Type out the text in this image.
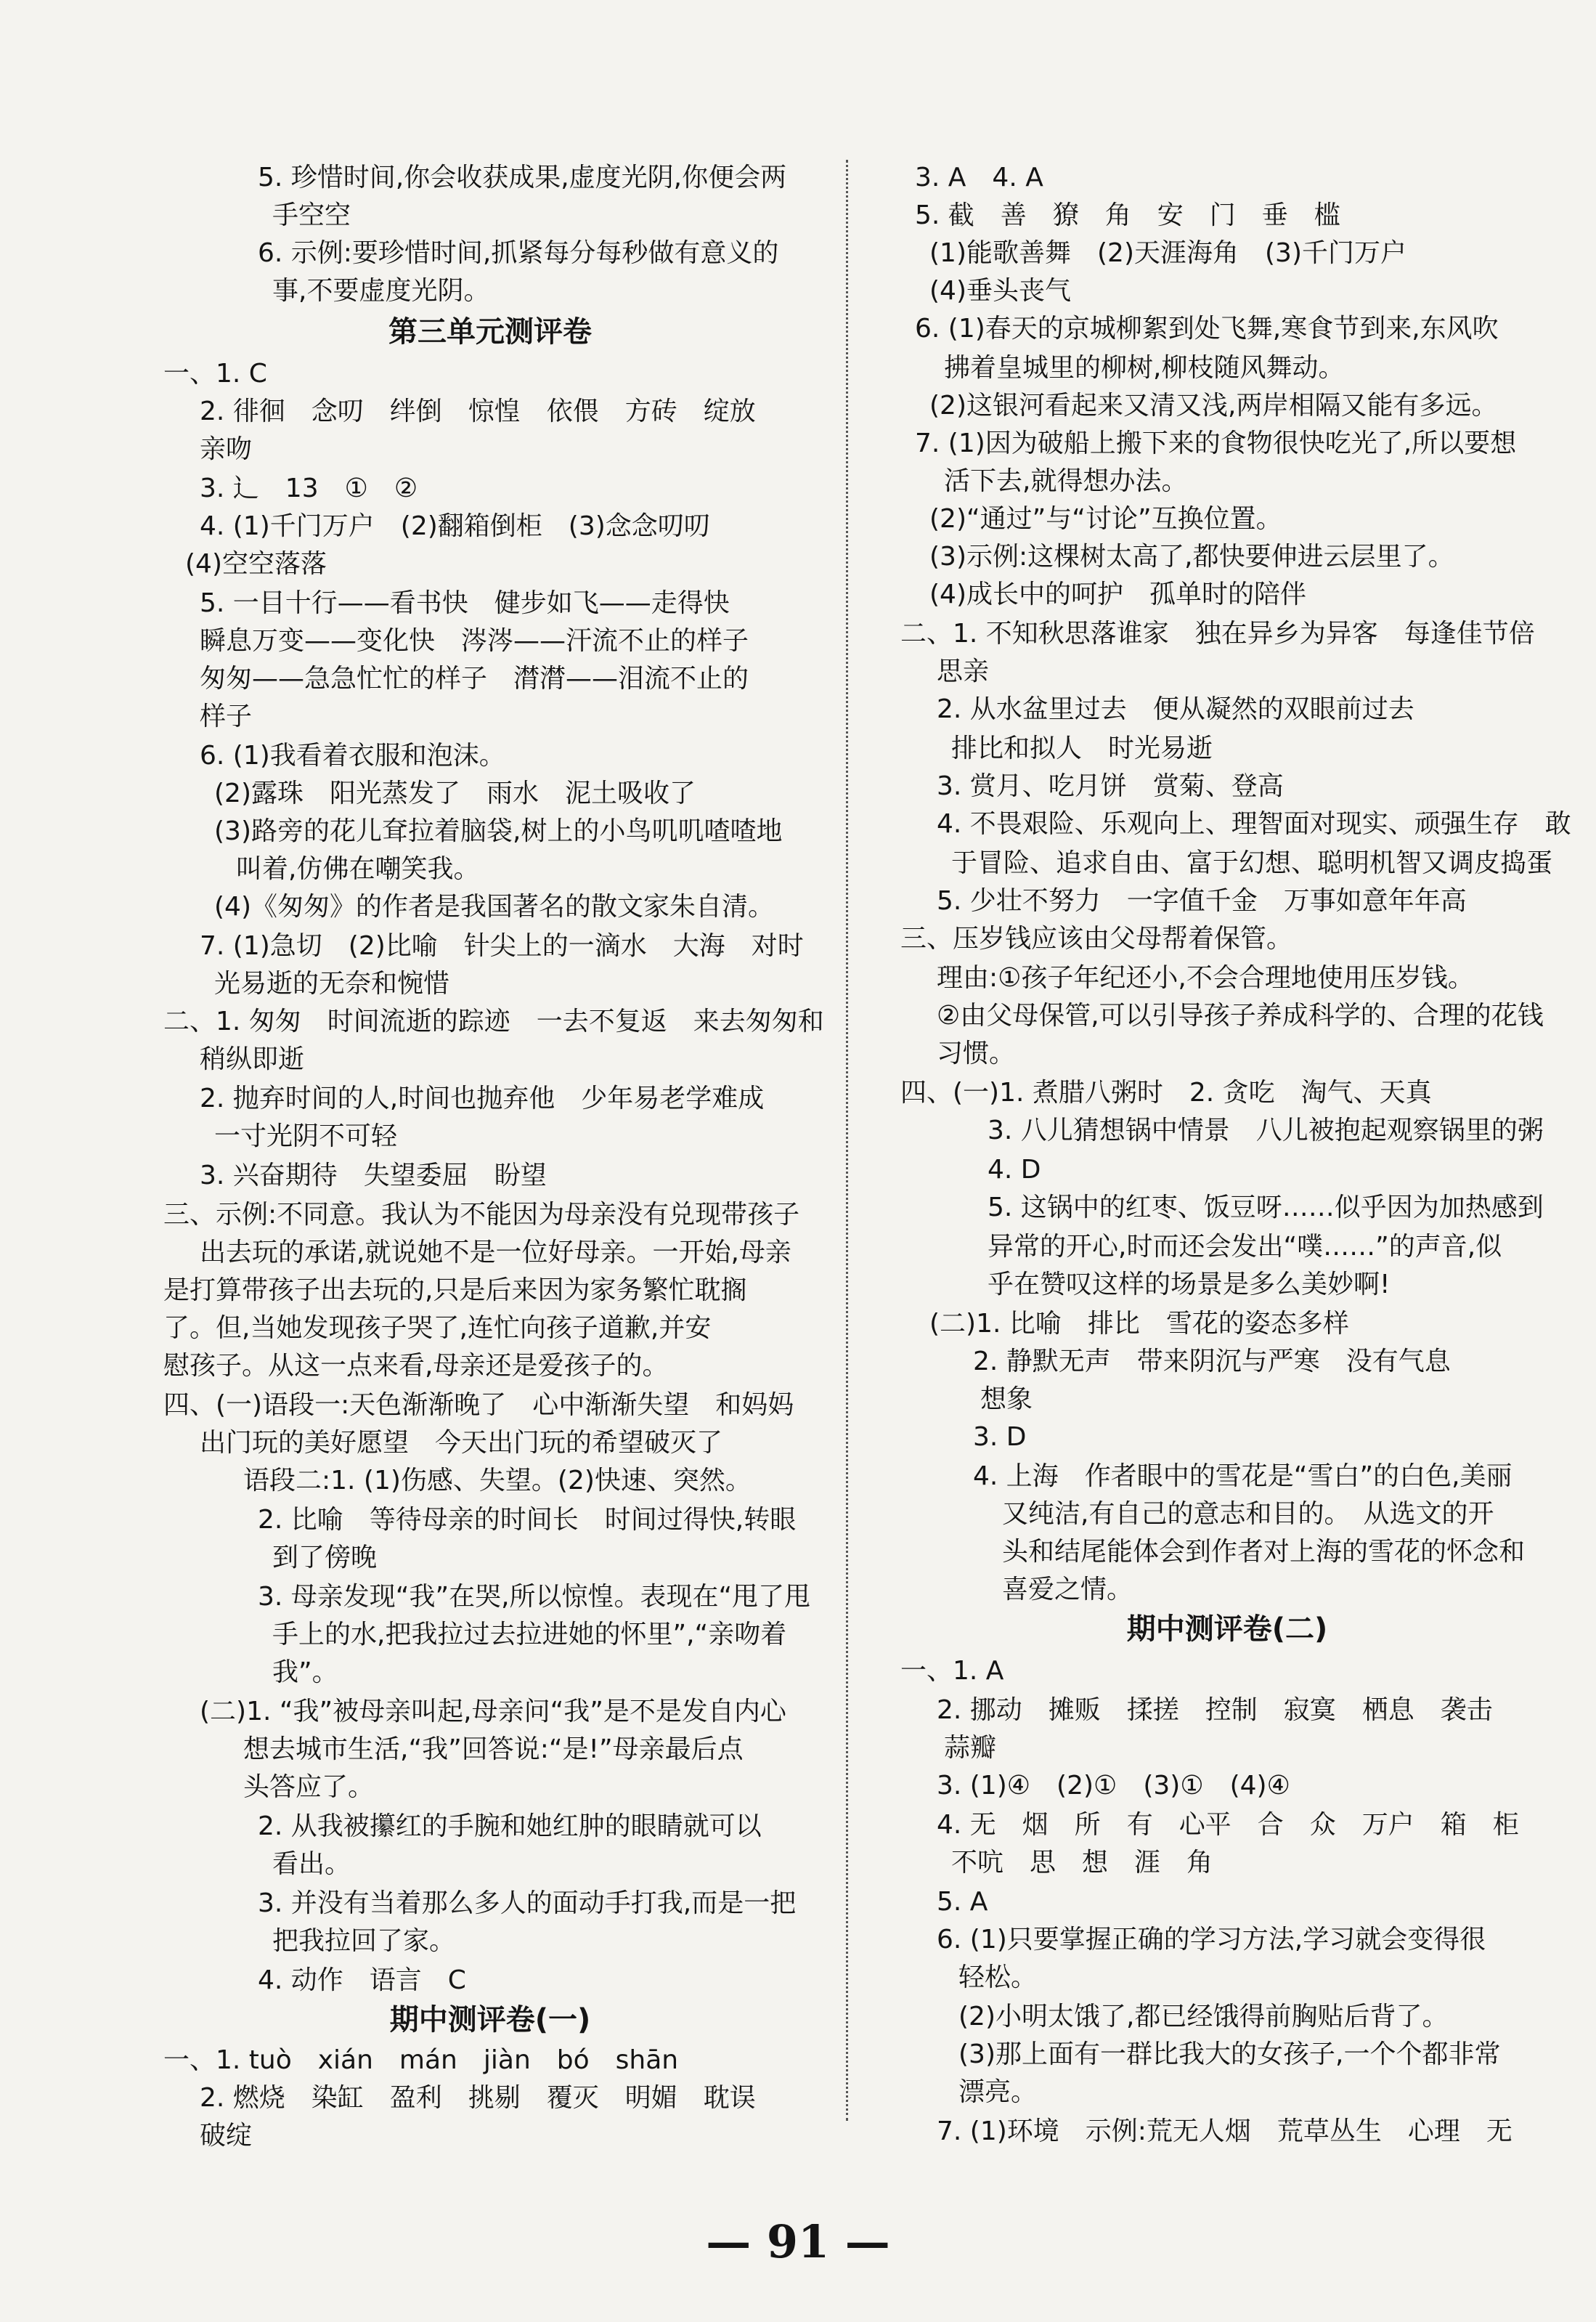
5. 珍惜时间,你会收获成果,虚度光阴,你便会两
手空空
6. 示例:要珍惜时间,抓紧每分每秒做有意义的
事,不要虚度光阴。
第三单元测评卷
一、1. C
2. 徘徊　念叨　绊倒　惊惶　依偎　方砖　绽放
亲吻
3. 辶　13　①　②
4. (1)千门万户　(2)翻箱倒柜　(3)念念叨叨
(4)空空落落
5. 一目十行——看书快　健步如飞——走得快
瞬息万变——变化快　涔涔——汗流不止的样子
匆匆——急急忙忙的样子　潸潸——泪流不止的
样子
6. (1)我看着衣服和泡沫。
(2)露珠　阳光蒸发了　雨水　泥土吸收了
(3)路旁的花儿耷拉着脑袋,树上的小鸟叽叽喳喳地
叫着,仿佛在嘲笑我。
(4)《匆匆》的作者是我国著名的散文家朱自清。
7. (1)急切　(2)比喻　针尖上的一滴水　大海　对时
光易逝的无奈和惋惜
二、1. 匆匆　时间流逝的踪迹　一去不复返　来去匆匆和
稍纵即逝
2. 抛弃时间的人,时间也抛弃他　少年易老学难成
一寸光阴不可轻
3. 兴奋期待　失望委屈　盼望
三、示例:不同意。我认为不能因为母亲没有兑现带孩子
出去玩的承诺,就说她不是一位好母亲。一开始,母亲
是打算带孩子出去玩的,只是后来因为家务繁忙耽搁
了。但,当她发现孩子哭了,连忙向孩子道歉,并安
慰孩子。从这一点来看,母亲还是爱孩子的。
四、(一)语段一:天色渐渐晚了　心中渐渐失望　和妈妈
出门玩的美好愿望　今天出门玩的希望破灭了
语段二:1. (1)伤感、失望。(2)快速、突然。
2. 比喻　等待母亲的时间长　时间过得快,转眼
到了傍晚
3. 母亲发现“我”在哭,所以惊惶。表现在“甩了甩
手上的水,把我拉过去拉进她的怀里”,“亲吻着
我”。
(二)1. “我”被母亲叫起,母亲问“我”是不是发自内心
想去城市生活,“我”回答说:“是!”母亲最后点
头答应了。
2. 从我被攥红的手腕和她红肿的眼睛就可以
看出。
3. 并没有当着那么多人的面动手打我,而是一把
把我拉回了家。
4. 动作　语言　C
期中测评卷(一)
一、1. tuò　xián　mán　jiàn　bó　shān
2. 燃烧　染缸　盈利　挑剔　覆灭　明媚　耽误
破绽
3. A　4. A
5. 截　善　獠　角　安　门　垂　槛
(1)能歌善舞　(2)天涯海角　(3)千门万户
(4)垂头丧气
6. (1)春天的京城柳絮到处飞舞,寒食节到来,东风吹
拂着皇城里的柳树,柳枝随风舞动。
(2)这银河看起来又清又浅,两岸相隔又能有多远。
7. (1)因为破船上搬下来的食物很快吃光了,所以要想
活下去,就得想办法。
(2)“通过”与“讨论”互换位置。
(3)示例:这棵树太高了,都快要伸进云层里了。
(4)成长中的呵护　孤单时的陪伴
二、1. 不知秋思落谁家　独在异乡为异客　每逢佳节倍
思亲
2. 从水盆里过去　便从凝然的双眼前过去
排比和拟人　时光易逝
3. 赏月、吃月饼　赏菊、登高
4. 不畏艰险、乐观向上、理智面对现实、顽强生存　敢
于冒险、追求自由、富于幻想、聪明机智又调皮捣蛋
5. 少壮不努力　一字值千金　万事如意年年高
三、压岁钱应该由父母帮着保管。
理由:①孩子年纪还小,不会合理地使用压岁钱。
②由父母保管,可以引导孩子养成科学的、合理的花钱
习惯。
四、(一)1. 煮腊八粥时　2. 贪吃　淘气、天真
3. 八儿猜想锅中情景　八儿被抱起观察锅里的粥
4. D
5. 这锅中的红枣、饭豆呀……似乎因为加热感到
异常的开心,时而还会发出“噗……”的声音,似
乎在赞叹这样的场景是多么美妙啊!
(二)1. 比喻　排比　雪花的姿态多样
2. 静默无声　带来阴沉与严寒　没有气息
想象
3. D
4. 上海　作者眼中的雪花是“雪白”的白色,美丽
又纯洁,有自己的意志和目的。　从选文的开
头和结尾能体会到作者对上海的雪花的怀念和
喜爱之情。
期中测评卷(二)
一、1. A
2. 挪动　摊贩　揉搓　控制　寂寞　栖息　袭击
蒜瓣
3. (1)④　(2)①　(3)①　(4)④
4. 无　烟　所　有　心平　合　众　万户　箱　柜
不吭　思　想　涯　角
5. A
6. (1)只要掌握正确的学习方法,学习就会变得很
轻松。
(2)小明太饿了,都已经饿得前胸贴后背了。
(3)那上面有一群比我大的女孩子,一个个都非常
漂亮。
7. (1)环境　示例:荒无人烟　荒草丛生　心理　无
— 91 —
